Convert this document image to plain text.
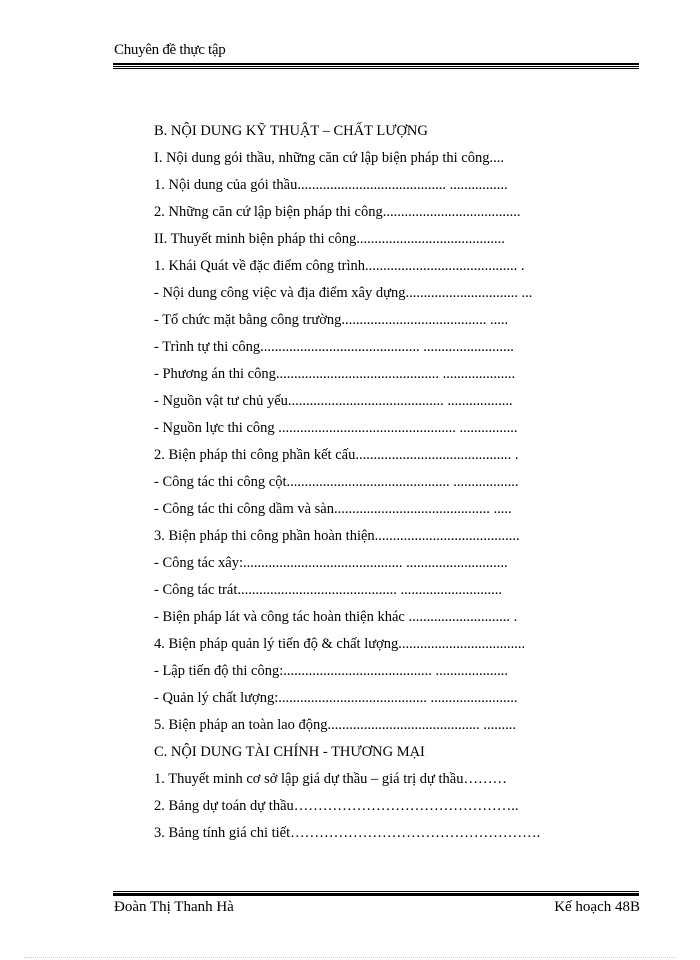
Chuyên đề thực tập
B. NỘI DUNG KỸ THUẬT – CHẤT LƯỢNG
I. Nội dung gói thầu, những căn cứ lập biện pháp thi công....
1. Nội dung của gói thầu......................................... ................
2. Những căn cứ lập biện pháp thi công......................................
II. Thuyết minh biện pháp thi công.........................................
1. Khái Quát về đặc điểm công trình.......................................... .
- Nội dung công việc và địa điểm xây dựng............................... ...
- Tổ chức mặt bằng công trường........................................ .....
- Trình tự thi công............................................ .........................
- Phương án thi công............................................. ....................
- Nguồn vật tư chủ yếu........................................... ..................
- Nguồn lực thi công ................................................. ................
2. Biện pháp thi công phần kết cấu........................................... .
- Công tác thi công cột............................................. ..................
- Công tác thi công dầm và sàn........................................... .....
3. Biện pháp thi công phần hoàn thiện........................................
- Công tác xây:............................................ ............................
- Công tác trát............................................ ............................
- Biện pháp lát và công tác hoàn thiện khác ............................ .
4. Biện pháp quản lý tiến độ & chất lượng...................................
- Lập tiến độ thi công:......................................... ....................
- Quản lý chất lượng:......................................... ........................
5. Biện pháp an toàn lao động.......................................... .........
C. NỘI DUNG TÀI CHÍNH - THƯƠNG MẠI
1. Thuyết minh cơ sở lập giá dự thầu – giá trị dự thầu………
2. Bảng dự toán dự thầu………………………………………..
3. Bảng tính giá chi tiết…………………………………………….
Đoàn Thị Thanh Hà	Kế hoạch 48B
